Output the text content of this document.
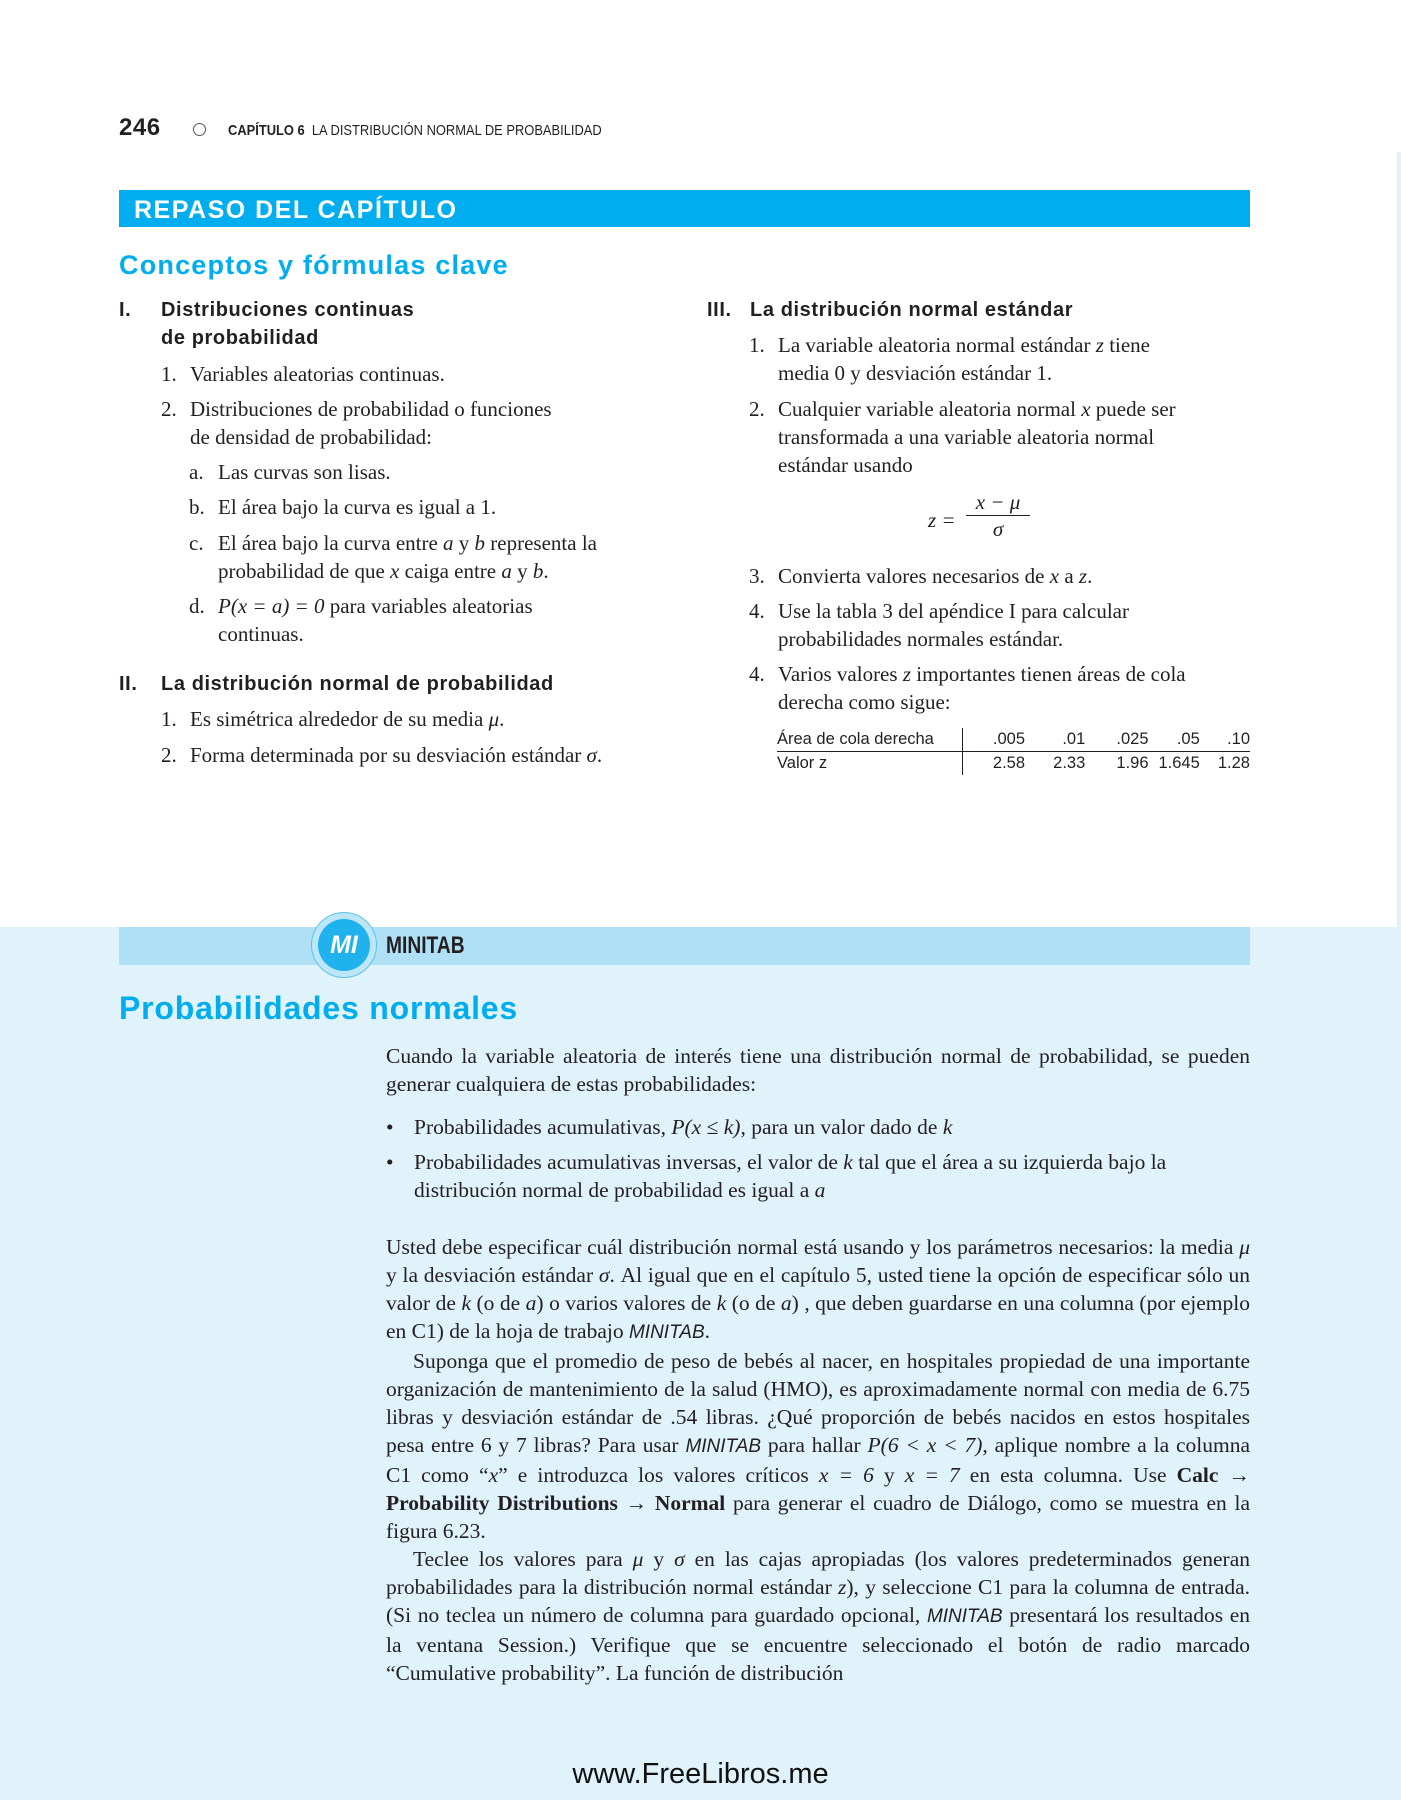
246	CAPÍTULO 6 LA DISTRIBUCIÓN NORMAL DE PROBABILIDAD
REPASO DEL CAPÍTULO
Conceptos y fórmulas clave
I. Distribuciones continuas
de probabilidad
1. Variables aleatorias continuas.
2. Distribuciones de probabilidad o funciones
de densidad de probabilidad:
a. Las curvas son lisas.
b. El área bajo la curva es igual a 1.
c. El área bajo la curva entre a y b representa la
probabilidad de que x caiga entre a y b.
d. P(x = a) = 0 para variables aleatorias
continuas.
II. La distribución normal de probabilidad
1. Es simétrica alrededor de su media μ.
2. Forma determinada por su desviación estándar σ.
III. La distribución normal estándar
1. La variable aleatoria normal estándar z tiene
media 0 y desviación estándar 1.
2. Cualquier variable aleatoria normal x puede ser
transformada a una variable aleatoria normal
estándar usando
z =
x − μ
σ
3. Convierta valores necesarios de x a z.
4. Use la tabla 3 del apéndice I para calcular
probabilidades normales estándar.
4. Varios valores z importantes tienen áreas de cola
derecha como sigue:
Área de cola derecha		.005	.01	.025	.05	.10
Valor z		2.58	2.33	1.96	1.645	1.28
MI	MINITAB
Probabilidades normales

Cuando la variable aleatoria de interés tiene una distribución normal de probabilidad, se pueden generar cualquiera de estas probabilidades:

• Probabilidades acumulativas, P(x ≤ k), para un valor dado de k
• Probabilidades acumulativas inversas, el valor de k tal que el área a su izquierda bajo la distribución normal de probabilidad es igual a a

Usted debe especificar cuál distribución normal está usando y los parámetros necesarios: la media μ y la desviación estándar σ. Al igual que en el capítulo 5, usted tiene la opción de especificar sólo un valor de k (o de a) o varios valores de k (o de a) , que deben guardarse en una columna (por ejemplo en C1) de la hoja de trabajo MINITAB.

Suponga que el promedio de peso de bebés al nacer, en hospitales propiedad de una importante organización de mantenimiento de la salud (HMO), es aproximadamente normal con media de 6.75 libras y desviación estándar de .54 libras. ¿Qué proporción de bebés nacidos en estos hospitales pesa entre 6 y 7 libras? Para usar MINITAB para hallar P(6 < x < 7), aplique nombre a la columna C1 como “x” e introduzca los valores críticos x = 6 y x = 7 en esta columna. Use Calc → Probability Distributions → Normal para generar el cuadro de Diálogo, como se muestra en la figura 6.23.

Teclee los valores para μ y σ en las cajas apropiadas (los valores predeterminados generan probabilidades para la distribución normal estándar z), y seleccione C1 para la columna de entrada. (Si no teclea un número de columna para guardado opcional, MINITAB presentará los resultados en la ventana Session.) Verifique que se encuentre seleccionado el botón de radio marcado “Cumulative probability”. La función de distribución

www.FreeLibros.me
